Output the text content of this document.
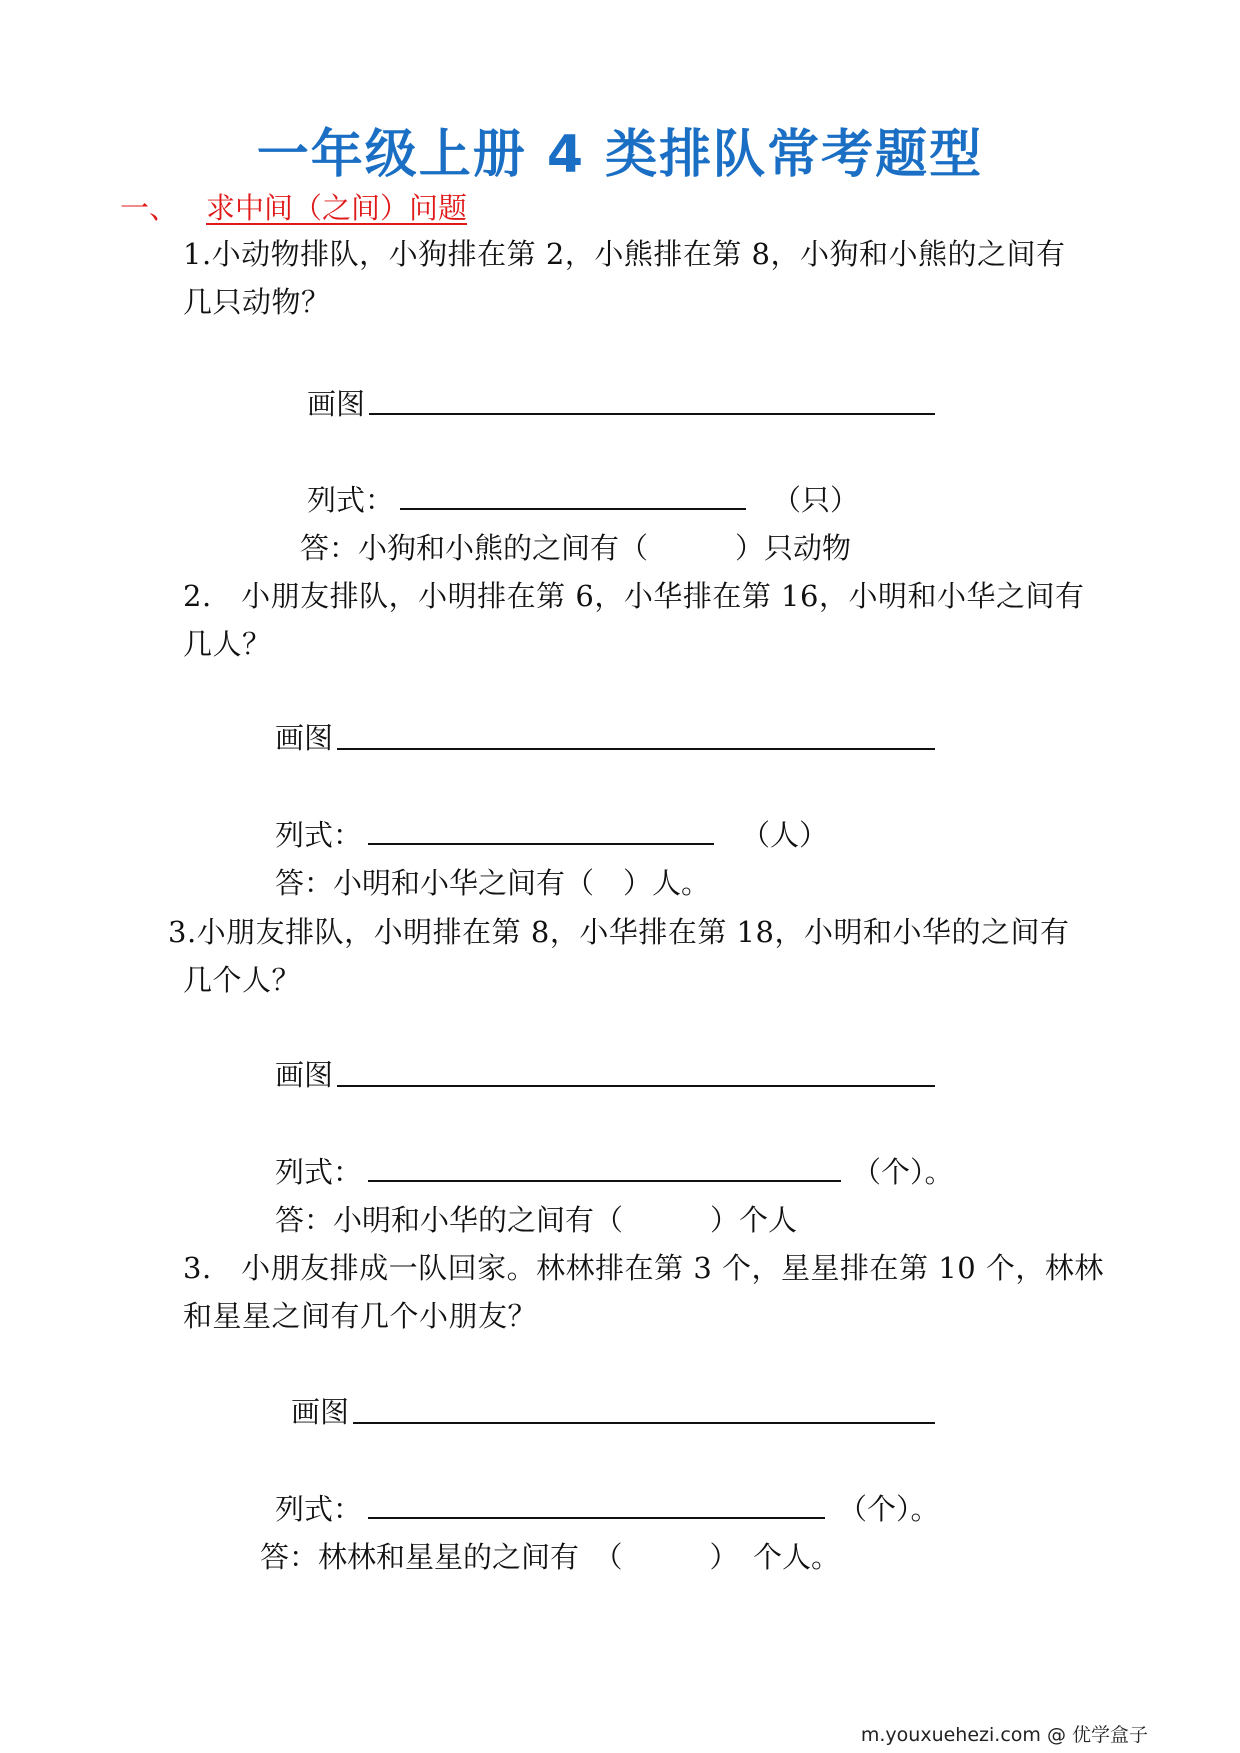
一年级上册 4 类排队常考题型
一、 求中间（之间）问题
1.小动物排队，小狗排在第 2，小熊排在第 8，小狗和小熊的之间有
几只动物？
画图
列式：	（只）
答：小狗和小熊的之间有（　　　）只动物
2.　小朋友排队，小明排在第 6，小华排在第 16，小明和小华之间有
几人？
画图
列式：	（人）
答：小明和小华之间有（　）人。
3.小朋友排队，小明排在第 8，小华排在第 18，小明和小华的之间有
几个人？
画图
列式：	（个）。
答：小明和小华的之间有（　　　）个人
3.　小朋友排成一队回家。林林排在第 3 个，星星排在第 10 个，林林
和星星之间有几个小朋友？
画图
列式：	（个）。
答：林林和星星的之间有　（　　　）　个人。
m.youxuehezi.com @ 优学盒子
